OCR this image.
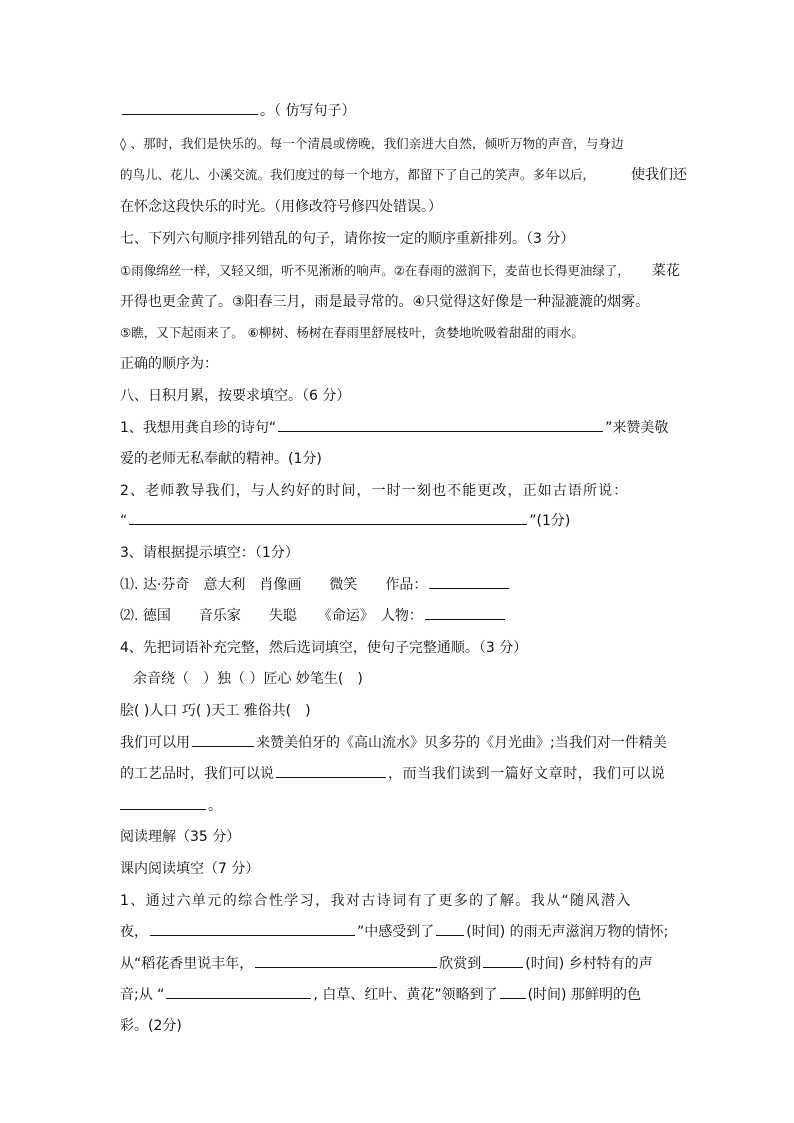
。（ 仿写句子）
◊ 、那时，我们是快乐的。每一个清晨或傍晚，我们亲进大自然，倾听万物的声音，与身边
的鸟儿、花儿、小溪交流。我们度过的每一个地方，都留下了自己的笑声。多年以后，	使我们还
在怀念这段快乐的时光。（用修改符号修四处错误。）
七、下列六句顺序排列错乱的句子，请你按一定的顺序重新排列。（3 分）
①雨像绵丝一样，又轻又细，听不见淅淅的响声。②在春雨的滋润下，麦苗也长得更油绿了， 菜花
开得也更金黄了。③阳春三月，雨是最寻常的。④只觉得这好像是一种湿漉漉的烟雾。
⑤瞧，又下起雨来了。 ⑥柳树、杨树在春雨里舒展枝叶，贪婪地吮吸着甜甜的雨水。
正确的顺序为：
八、日积月累，按要求填空。（6 分）
1、我想用龚自珍的诗句“	”来赞美敬
爱的老师无私奉献的精神。(1分)
2、老师教导我们，与人约好的时间，一时一刻也不能更改，正如古语所说：
“	”(1分)
3、请根据提示填空：（1分）
⑴. 达·芬奇　意大利　肖像画　　微笑　　作品：
⑵. 德国　　音乐家　　失聪　　《命运》　人物：
4、先把词语补充完整，然后选词填空，使句子完整通顺。（3 分）
余音绕（　）独（ ）匠心 妙笔生(　)
脍( )人口 巧( )天工 雅俗共(　)
我们可以用	来赞美伯牙的《高山流水》贝多芬的《月光曲》;当我们对一件精美
的工艺品时，我们可以说	，而当我们读到一篇好文章时，我们可以说
。
阅读理解（35 分）
课内阅读填空（7 分）
1、通过六单元的综合性学习，我对古诗词有了更多的了解。我从“随风潜入
夜，	”中感受到了 (时间) 的雨无声滋润万物的情怀;
从“稻花香里说丰年，	欣赏到	(时间) 乡村特有的声
音;从 “	, 白草、红叶、黄花”领略到了 (时间) 那鲜明的色
彩。(2分)
